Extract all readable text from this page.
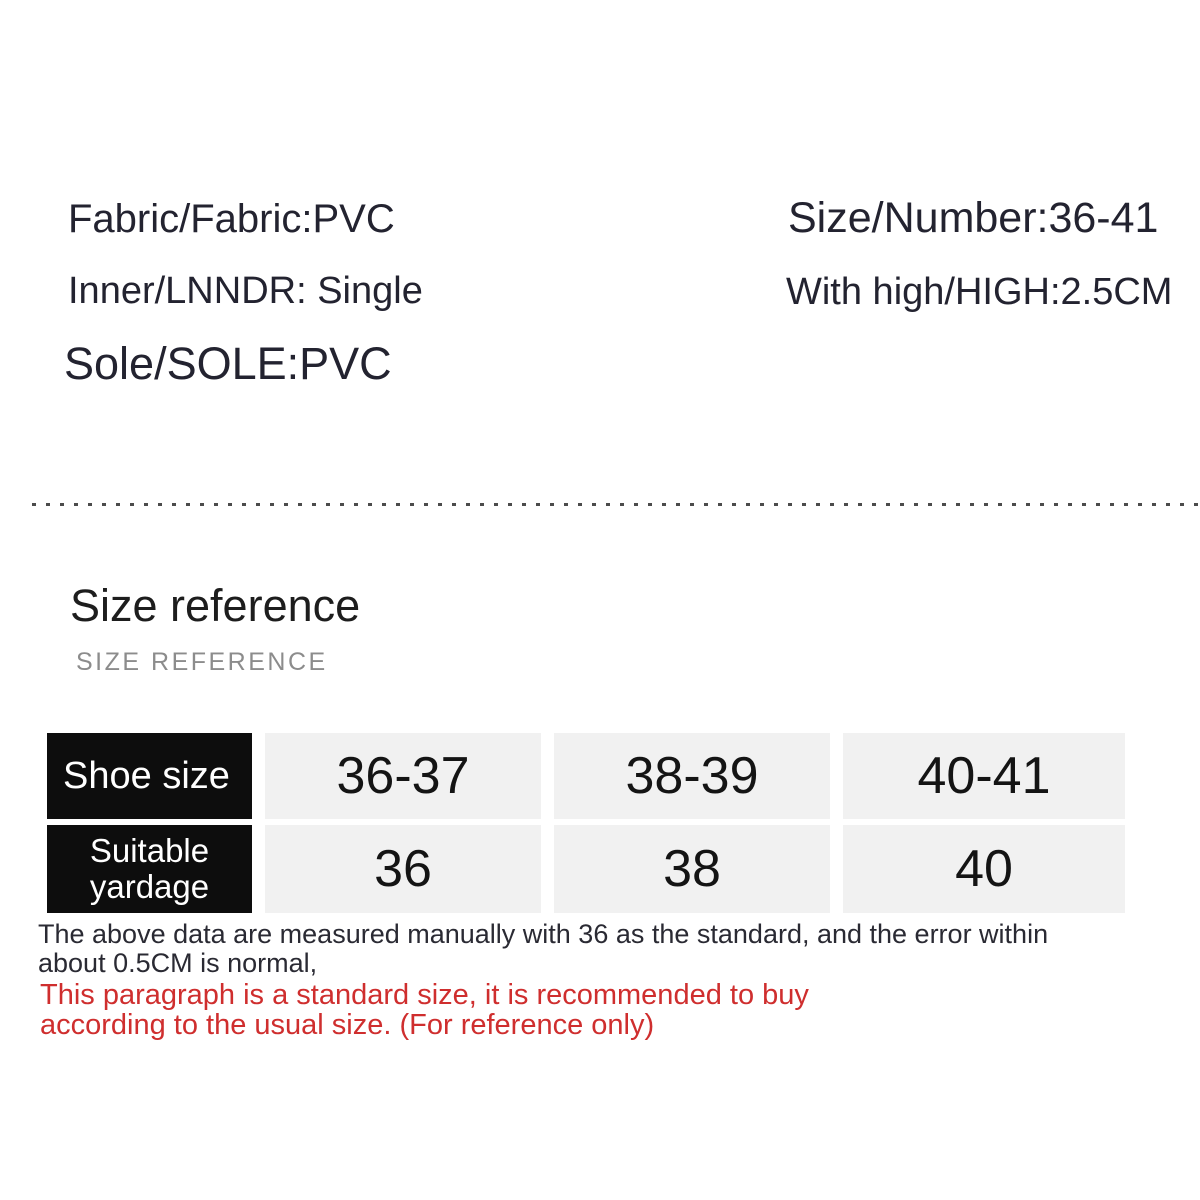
Fabric/Fabric:PVC
Inner/LNNDR: Single
Sole/SOLE:PVC
Size/Number:36-41
With high/HIGH:2.5CM
Size reference
SIZE REFERENCE
Shoe size	36-37	38-39	40-41
Suitable yardage	36	38	40

The above data are measured manually with 36 as the standard, and the error within
about 0.5CM is normal,

This paragraph is a standard size, it is recommended to buy
according to the usual size. (For reference only)
